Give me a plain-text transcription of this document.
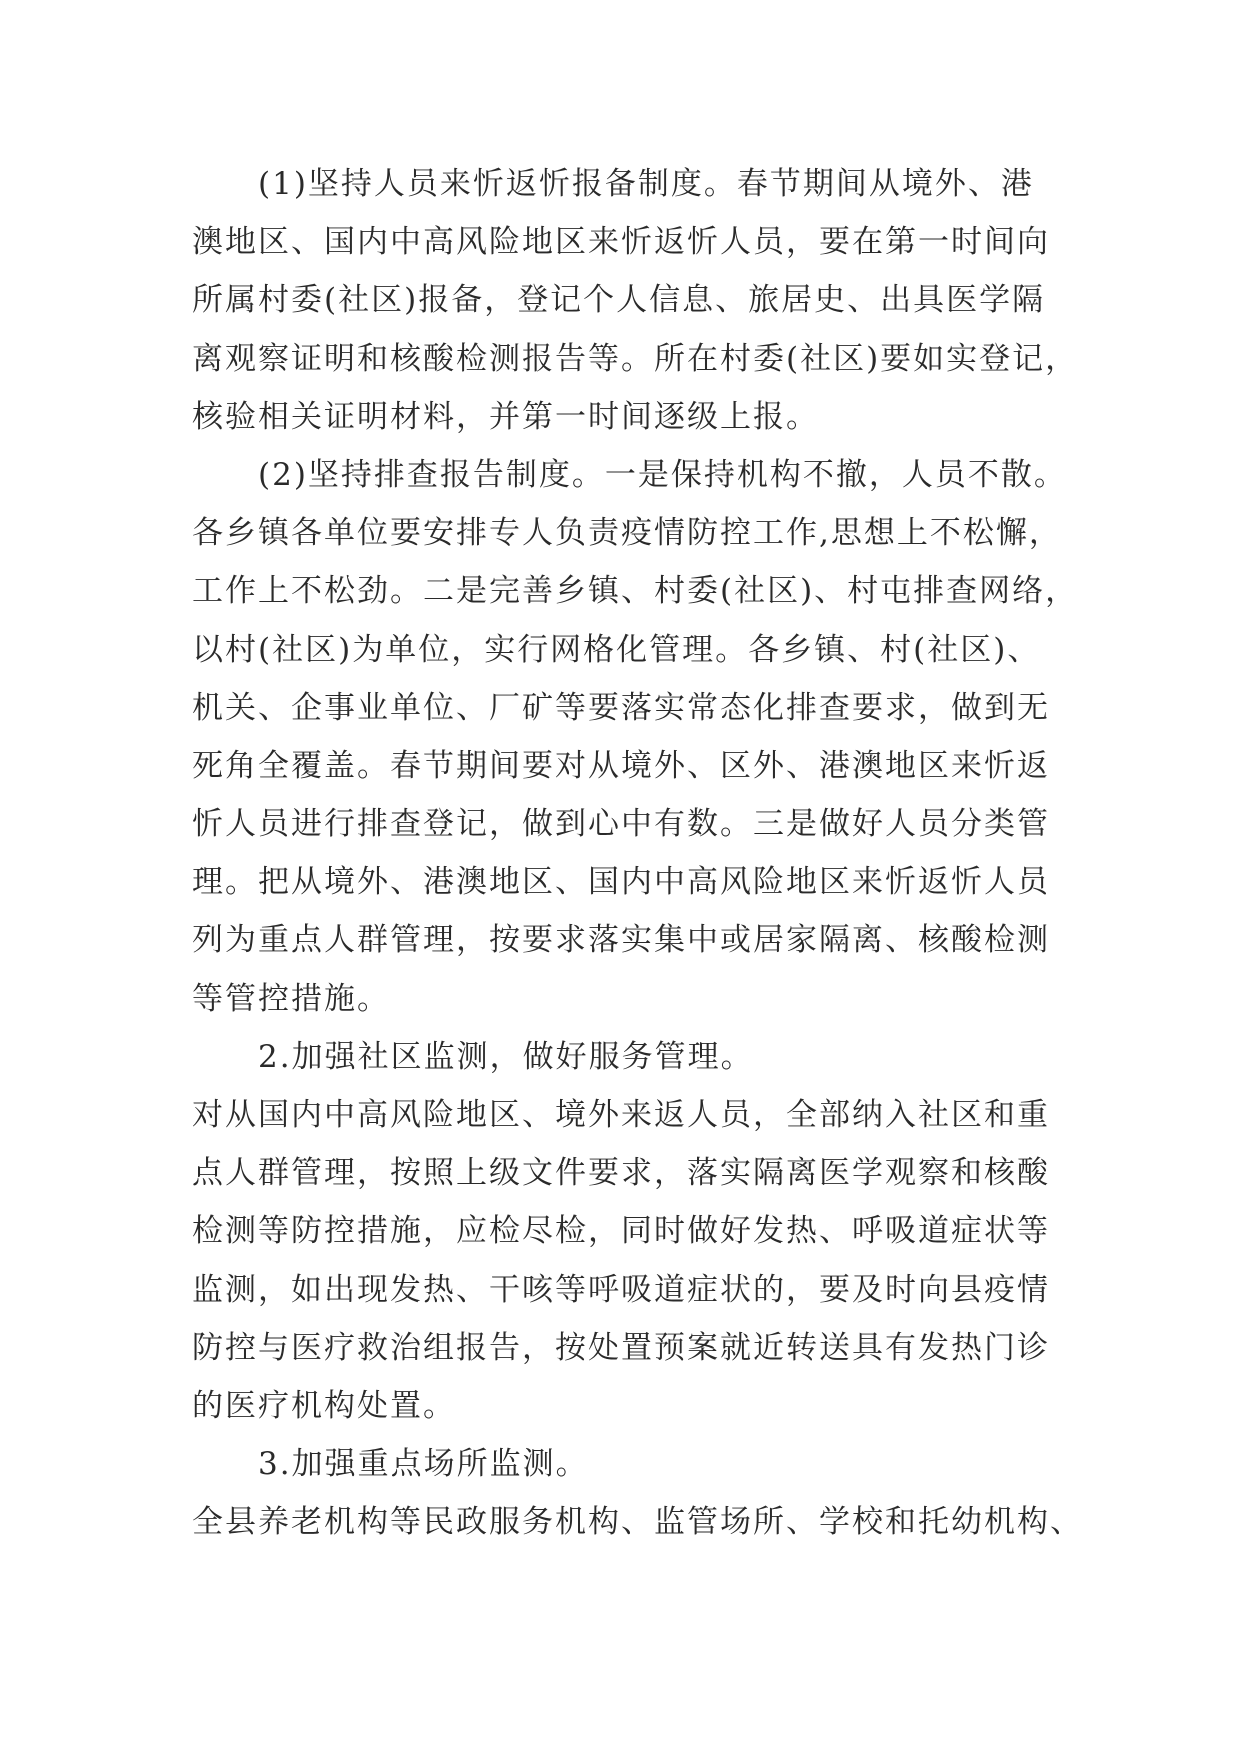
(1)坚持人员来忻返忻报备制度。春节期间从境外、港
澳地区、国内中高风险地区来忻返忻人员，要在第一时间向
所属村委(社区)报备，登记个人信息、旅居史、出具医学隔
离观察证明和核酸检测报告等。所在村委(社区)要如实登记，
核验相关证明材料，并第一时间逐级上报。
(2)坚持排查报告制度。一是保持机构不撤，人员不散。
各乡镇各单位要安排专人负责疫情防控工作,思想上不松懈，
工作上不松劲。二是完善乡镇、村委(社区)、村屯排查网络，
以村(社区)为单位，实行网格化管理。各乡镇、村(社区)、
机关、企事业单位、厂矿等要落实常态化排查要求，做到无
死角全覆盖。春节期间要对从境外、区外、港澳地区来忻返
忻人员进行排查登记，做到心中有数。三是做好人员分类管
理。把从境外、港澳地区、国内中高风险地区来忻返忻人员
列为重点人群管理，按要求落实集中或居家隔离、核酸检测
等管控措施。
2.加强社区监测，做好服务管理。
对从国内中高风险地区、境外来返人员，全部纳入社区和重
点人群管理，按照上级文件要求，落实隔离医学观察和核酸
检测等防控措施，应检尽检，同时做好发热、呼吸道症状等
监测，如出现发热、干咳等呼吸道症状的，要及时向县疫情
防控与医疗救治组报告，按处置预案就近转送具有发热门诊
的医疗机构处置。
3.加强重点场所监测。
全县养老机构等民政服务机构、监管场所、学校和托幼机构、
